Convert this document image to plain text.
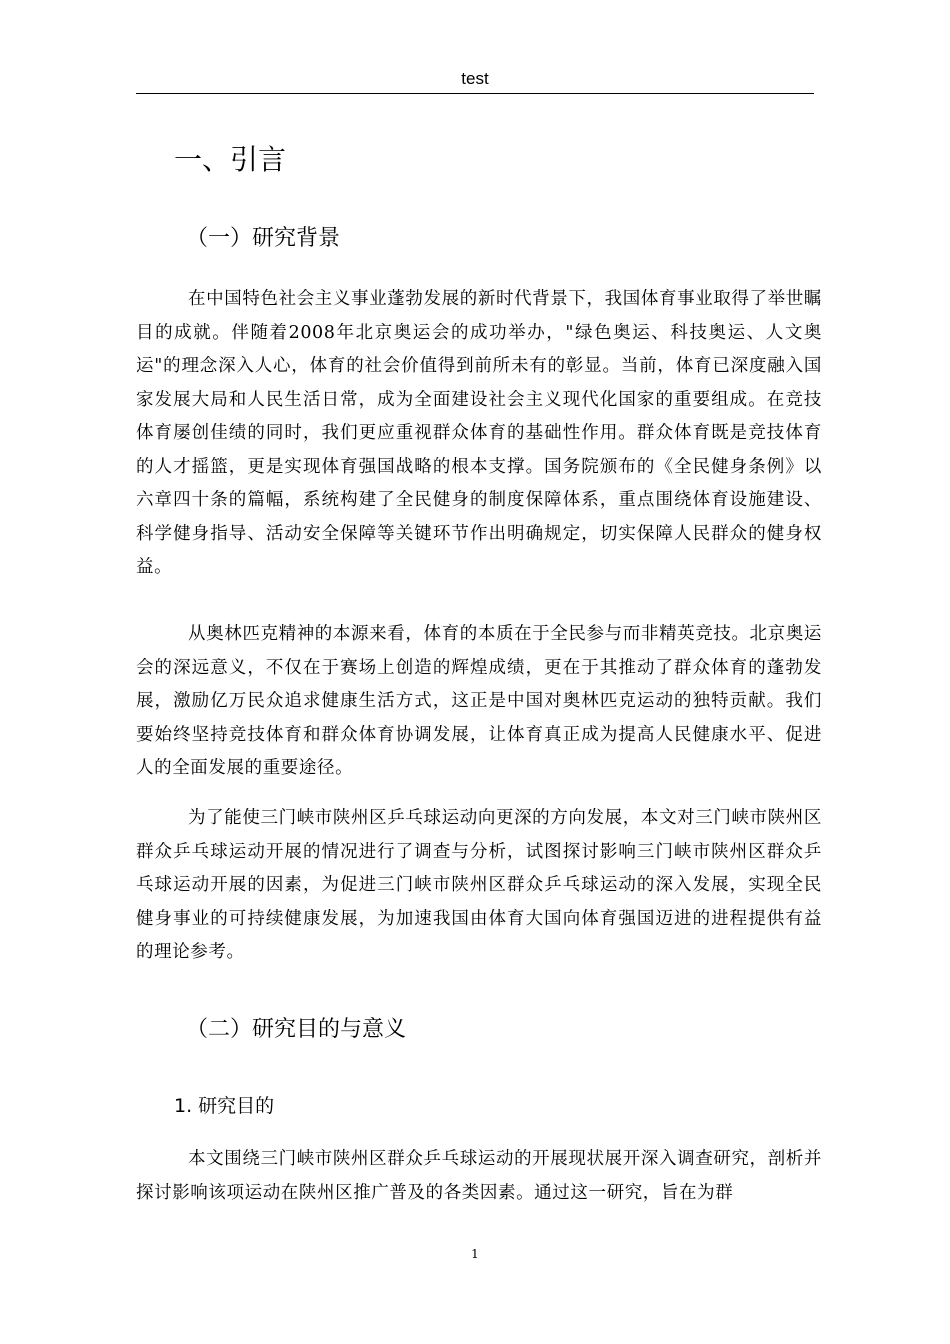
test
一、引言
（一）研究背景

在中国特色社会主义事业蓬勃发展的新时代背景下，我国体育事业取得了举世瞩目的成就。伴随着2008年北京奥运会的成功举办，"绿色奥运、科技奥运、人文奥运"的理念深入人心，体育的社会价值得到前所未有的彰显。当前，体育已深度融入国家发展大局和人民生活日常，成为全面建设社会主义现代化国家的重要组成。在竞技体育屡创佳绩的同时，我们更应重视群众体育的基础性作用。群众体育既是竞技体育的人才摇篮，更是实现体育强国战略的根本支撑。国务院颁布的《全民健身条例》以六章四十条的篇幅，系统构建了全民健身的制度保障体系，重点围绕体育设施建设、科学健身指导、活动安全保障等关键环节作出明确规定，切实保障人民群众的健身权益。

从奥林匹克精神的本源来看，体育的本质在于全民参与而非精英竞技。北京奥运会的深远意义，不仅在于赛场上创造的辉煌成绩，更在于其推动了群众体育的蓬勃发展，激励亿万民众追求健康生活方式，这正是中国对奥林匹克运动的独特贡献。我们要始终坚持竞技体育和群众体育协调发展，让体育真正成为提高人民健康水平、促进人的全面发展的重要途径。

为了能使三门峡市陕州区乒乓球运动向更深的方向发展，本文对三门峡市陕州区群众乒乓球运动开展的情况进行了调查与分析，试图探讨影响三门峡市陕州区群众乒乓球运动开展的因素，为促进三门峡市陕州区群众乒乓球运动的深入发展，实现全民健身事业的可持续健康发展，为加速我国由体育大国向体育强国迈进的进程提供有益的理论参考。

（二）研究目的与意义
1. 研究目的

本文围绕三门峡市陕州区群众乒乓球运动的开展现状展开深入调查研究，剖析并探讨影响该项运动在陕州区推广普及的各类因素。通过这一研究，旨在为群

1
